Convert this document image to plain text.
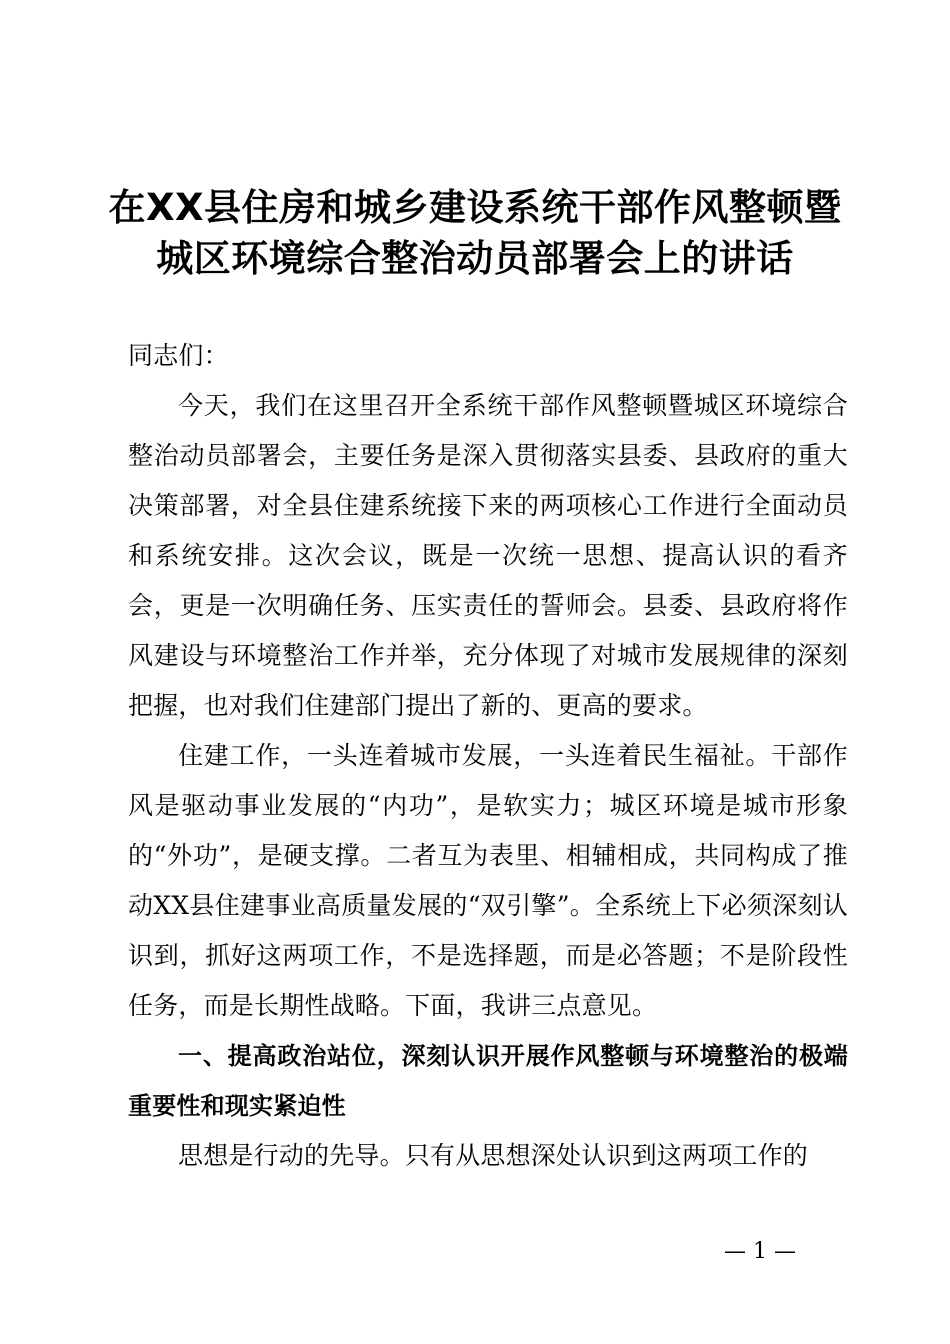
在XX县住房和城乡建设系统干部作风整顿暨
城区环境综合整治动员部署会上的讲话
同志们：
今天，我们在这里召开全系统干部作风整顿暨城区环境综合整治动员部署会，主要任务是深入贯彻落实县委、县政府的重大决策部署，对全县住建系统接下来的两项核心工作进行全面动员和系统安排。这次会议，既是一次统一思想、提高认识的看齐会，更是一次明确任务、压实责任的誓师会。县委、县政府将作风建设与环境整治工作并举，充分体现了对城市发展规律的深刻把握，也对我们住建部门提出了新的、更高的要求。
住建工作，一头连着城市发展，一头连着民生福祉。干部作风是驱动事业发展的“内功”，是软实力；城区环境是城市形象的“外功”，是硬支撑。二者互为表里、相辅相成，共同构成了推动XX县住建事业高质量发展的“双引擎”。全系统上下必须深刻认识到，抓好这两项工作，不是选择题，而是必答题；不是阶段性任务，而是长期性战略。下面，我讲三点意见。
一、提高政治站位，深刻认识开展作风整顿与环境整治的极端重要性和现实紧迫性
思想是行动的先导。只有从思想深处认识到这两项工作的
— 1 —
